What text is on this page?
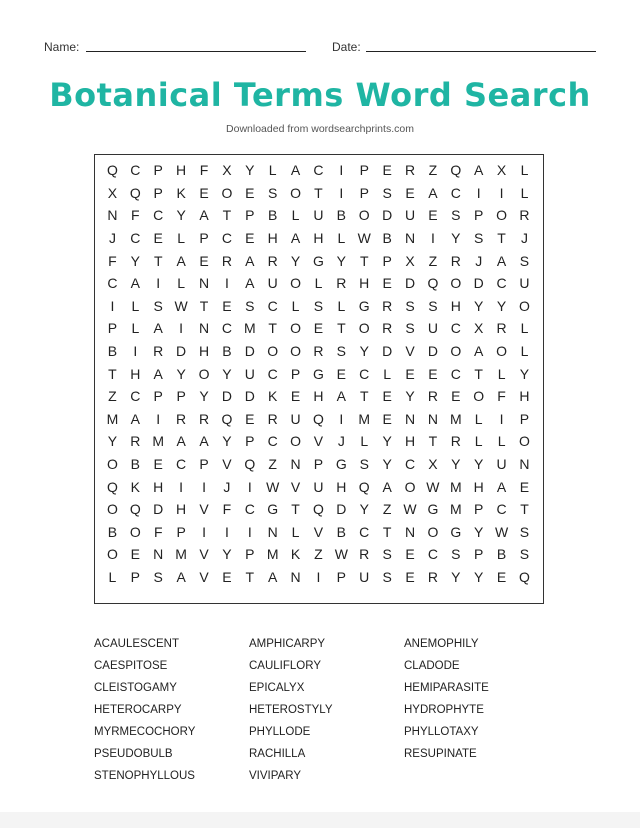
Name:	Date:
Botanical Terms Word Search
Downloaded from wordsearchprints.com
Q C P H F X Y	L	A C	I	P E R Z Q A X	L
X Q P K E O E S O T	I	P S E A C	I	I	L
N F C Y A T P B	L U B O D U E S P O R
J	C E	L	P C E H A H L W B N	I	Y S T	J
F Y T A E R A R Y G Y T P X Z R	J	A S
C A	I	L N	I	A U O L R H E D Q O D C U
I	L	S W T E S C L	S	L G R S S H Y Y O
P	L	A	I	N C M T O E T O R S U C X R L
B	I	R D H B D O O R S Y D V D O A O L
T H A Y O Y U C P G E C L	E E C T	L	Y
Z C P P Y D D K E H A T E Y R E O F H
M A	I	R R Q E R U Q	I	M E N N M L	I	P
Y R M A A Y P C O V	J	L	Y H T R L	L O
O B E C P V Q Z N P G S Y C X Y Y U N
Q K H	I	I	J	I	W V U H Q A O W M H A E
O Q D H V F C G T Q D Y Z W G M P C T
B O F P	I	I	I	N L	V B C T N O G Y W S
O E N M V Y P M K Z W R S E C S P B S
L	P S A V E T A N	I	P U S E R Y Y E Q
ACAULESCENT
CAESPITOSE
CLEISTOGAMY
HETEROCARPY
MYRMECOCHORY
PSEUDOBULB
STENOPHYLLOUS
AMPHICARPY
CAULIFLORY
EPICALYX
HETEROSTYLY
PHYLLODE
RACHILLA
VIVIPARY
ANEMOPHILY
CLADODE
HEMIPARASITE
HYDROPHYTE
PHYLLOTAXY
RESUPINATE
